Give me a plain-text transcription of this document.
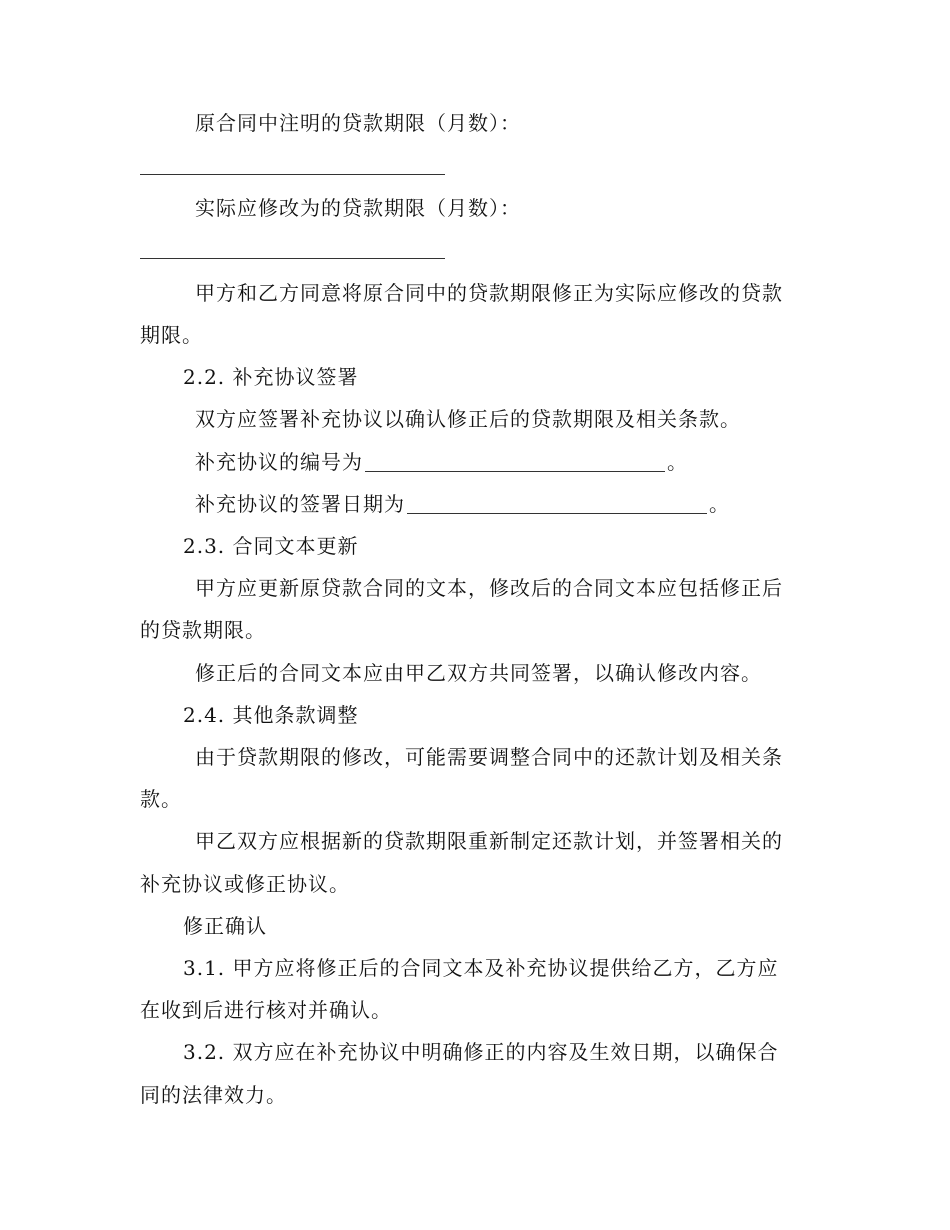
原合同中注明的贷款期限（月数）：
实际应修改为的贷款期限（月数）：
甲方和乙方同意将原合同中的贷款期限修正为实际应修改的贷款
期限。
2.2. 补充协议签署
双方应签署补充协议以确认修正后的贷款期限及相关条款。
补充协议的编号为	。
补充协议的签署日期为	。
2.3. 合同文本更新
甲方应更新原贷款合同的文本，修改后的合同文本应包括修正后
的贷款期限。
修正后的合同文本应由甲乙双方共同签署，以确认修改内容。
2.4. 其他条款调整
由于贷款期限的修改，可能需要调整合同中的还款计划及相关条
款。
甲乙双方应根据新的贷款期限重新制定还款计划，并签署相关的
补充协议或修正协议。
修正确认
3.1. 甲方应将修正后的合同文本及补充协议提供给乙方，乙方应
在收到后进行核对并确认。
3.2. 双方应在补充协议中明确修正的内容及生效日期，以确保合
同的法律效力。
